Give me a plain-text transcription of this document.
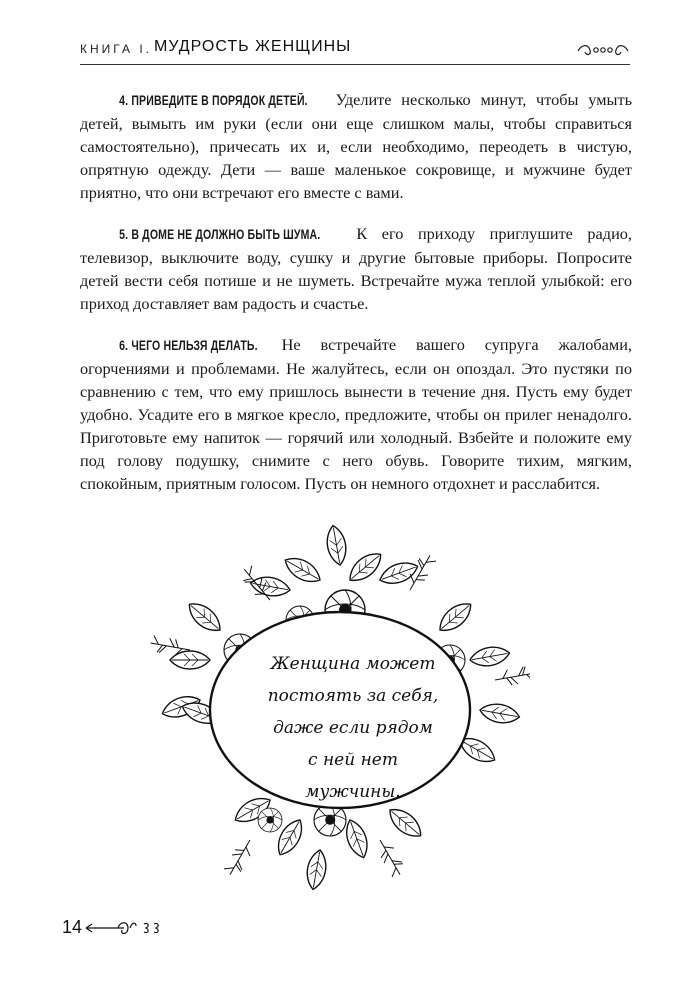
КНИГА I. МУДРОСТЬ ЖЕНЩИНЫ

4. ПРИВЕДИТЕ В ПОРЯДОК ДЕТЕЙ. Уделите несколько минут, чтобы умыть детей, вымыть им руки (если они еще слишком малы, чтобы справиться самостоятельно), причесать их и, если необходимо, переодеть в чистую, опрятную одежду. Дети — ваше маленькое сокровище, и мужчине будет приятно, что они встречают его вместе с вами.

5. В ДОМЕ НЕ ДОЛЖНО БЫТЬ ШУМА. К его приходу приглушите радио, телевизор, выключите воду, сушку и другие бытовые приборы. Попросите детей вести себя потише и не шуметь. Встречайте мужа теплой улыбкой: его приход доставляет вам радость и счастье.

6. ЧЕГО НЕЛЬЗЯ ДЕЛАТЬ. Не встречайте вашего супруга жалобами, огорчениями и проблемами. Не жалуйтесь, если он опоздал. Это пустяки по сравнению с тем, что ему пришлось вынести в течение дня. Пусть ему будет удобно. Усадите его в мягкое кресло, предложите, чтобы он прилег ненадолго. Приготовьте ему напиток — горячий или холодный. Взбейте и положите ему под голову подушку, снимите с него обувь. Говорите тихим, мягким, спокойным, приятным голосом. Пусть он немного отдохнет и расслабится.

Женщина может
постоять за себя,
даже если рядом
с ней нет мужчины.
14
